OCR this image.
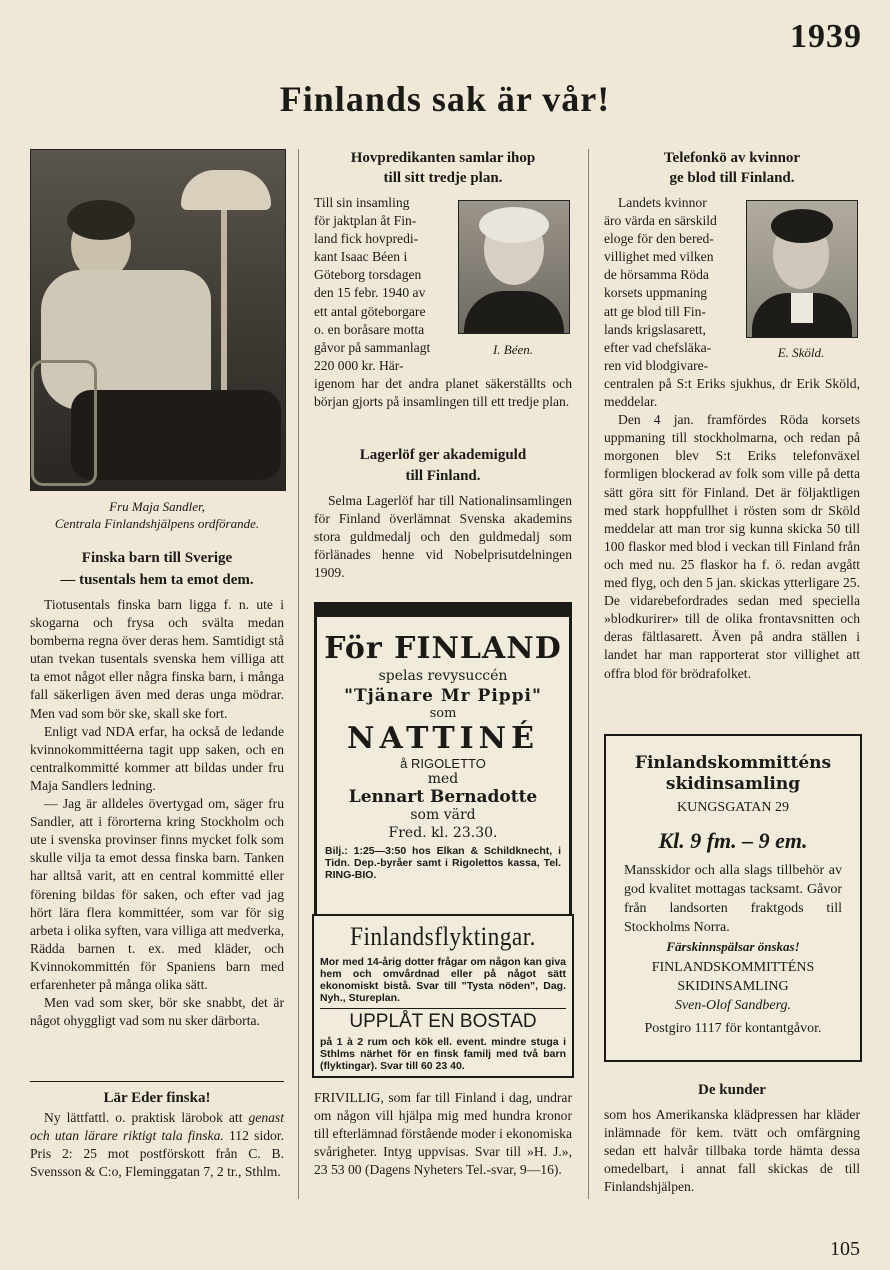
1939
Finlands sak är vår!
105
Fru Maja Sandler,
Centrala Finlandshjälpens ordförande.
Finska barn till Sverige
— tusentals hem ta emot dem.

Tiotusentals finska barn ligga f. n. ute i skogarna och frysa och svälta medan bomberna regna över deras hem. Samtidigt stå utan tvekan tusentals svenska hem villiga att ta emot något eller några finska barn, i många fall säkerligen även med deras unga mödrar. Men vad som bör ske, skall ske fort.

Enligt vad NDA erfar, ha också de ledande kvinnokommittéerna tagit upp saken, och en centralkommitté kommer att bildas under fru Maja Sandlers ledning.

— Jag är alldeles övertygad om, säger fru Sandler, att i förorterna kring Stockholm och ute i svenska provinser finns mycket folk som skulle vilja ta emot dessa finska barn. Tanken har alltså varit, att en central kommitté eller förening bildas för saken, och efter vad jag hört lära flera kommittéer, som var för sig arbeta i olika syften, vara villiga att medverka, Rädda barnen t. ex. med kläder, och Kvinnokommittén för Spaniens barn med erfarenheter på många olika sätt.

Men vad som sker, bör ske snabbt, det är något ohyggligt vad som nu sker därborta.

Lär Eder finska!

Ny lättfattl. o. praktisk lärobok att genast och utan lärare riktigt tala finska. 112 sidor. Pris 2: 25 mot postförskott från C. B. Svensson & C:o, Fleminggatan 7, 2 tr., Sthlm.

Hovpredikanten samlar ihop
till sitt tredje plan.

Till sin insamling

för jaktplan åt Fin-

land fick hovpredi-

kant Isaac Béen i

Göteborg torsdagen

den 15 febr. 1940 av

ett antal göteborgare

o. en boråsare motta

gåvor på sammanlagt

220 000 kr. Här-

I. Béen.

igenom har det andra planet säkerställts och början gjorts på insamlingen till ett tredje plan.

Lagerlöf ger akademiguld
till Finland.

Selma Lagerlöf har till Nationalinsamlingen för Finland överlämnat Svenska akademins stora guldmedalj och den guldmedalj som förlänades henne vid Nobelprisutdelningen 1909.

För FINLAND
spelas revysuccén
"Tjänare Mr Pippi"
som
NATTINÉ
å RIGOLETTO
med
Lennart Bernadotte
som värd
Fred. kl. 23.30.
Bilj.: 1:25—3:50 hos Elkan & Schildknecht, i Tidn. Dep.-byråer samt i Rigolettos kassa, Tel. RING-BIO.
Finlandsflyktingar.
Mor med 14-årig dotter frågar om någon kan giva hem och omvårdnad eller på något sätt ekonomiskt bistå. Svar till "Tysta nöden", Dag. Nyh., Stureplan.
UPPLÅT EN BOSTAD
på 1 à 2 rum och kök ell. event. mindre stuga i Sthlms närhet för en finsk familj med två barn (flyktingar). Svar till 60 23 40.

FRIVILLIG, som far till Finland i dag, undrar om någon vill hjälpa mig med hundra kronor till efterlämnad förstående moder i ekonomiska svårigheter. Intyg uppvisas. Svar till »H. J.», 23 53 00 (Dagens Nyheters Tel.-svar, 9—16).

Telefonkö av kvinnor
ge blod till Finland.

Landets kvinnor

äro värda en särskild

eloge för den bered-

villighet med vilken

de hörsamma Röda

korsets uppmaning

att ge blod till Fin-

lands krigslasarett,

efter vad chefsläka-

ren vid blodgivare-

E. Sköld.

centralen på S:t Eriks sjukhus, dr Erik Sköld, meddelar.

Den 4 jan. framfördes Röda korsets uppmaning till stockholmarna, och redan på morgonen blev S:t Eriks telefonväxel formligen blockerad av folk som ville på detta sätt göra sitt för Finland. Det är följaktligen med stark hoppfullhet i rösten som dr Sköld meddelar att man tror sig kunna skicka 50 till 100 flaskor med blod i veckan till Finland från och med nu. 25 flaskor ha f. ö. redan avgått med flyg, och den 5 jan. skickas ytterligare 25. De vidarebefordrades sedan med speciella »blodkurirer» till de olika frontavsnitten och deras fältlasarett. Även på andra ställen i landet har man rapporterat stor villighet att offra blod för brödrafolket.

Finlandskommitténs
skidinsamling
KUNGSGATAN 29
Kl. 9 fm. – 9 em.
Mansskidor och alla slags tillbehör av god kvalitet mottagas tacksamt. Gåvor från landsorten fraktgods till Stockholms Norra.
Färskinnspälsar önskas!
FINLANDSKOMMITTÉNS
SKIDINSAMLING
Sven-Olof Sandberg.
Postgiro 1117 för kontantgåvor.
De kunder

som hos Amerikanska klädpressen har kläder inlämnade för kem. tvätt och omfärgning sedan ett halvår tillbaka torde hämta dessa omedelbart, i annat fall skickas de till Finlandshjälpen.
